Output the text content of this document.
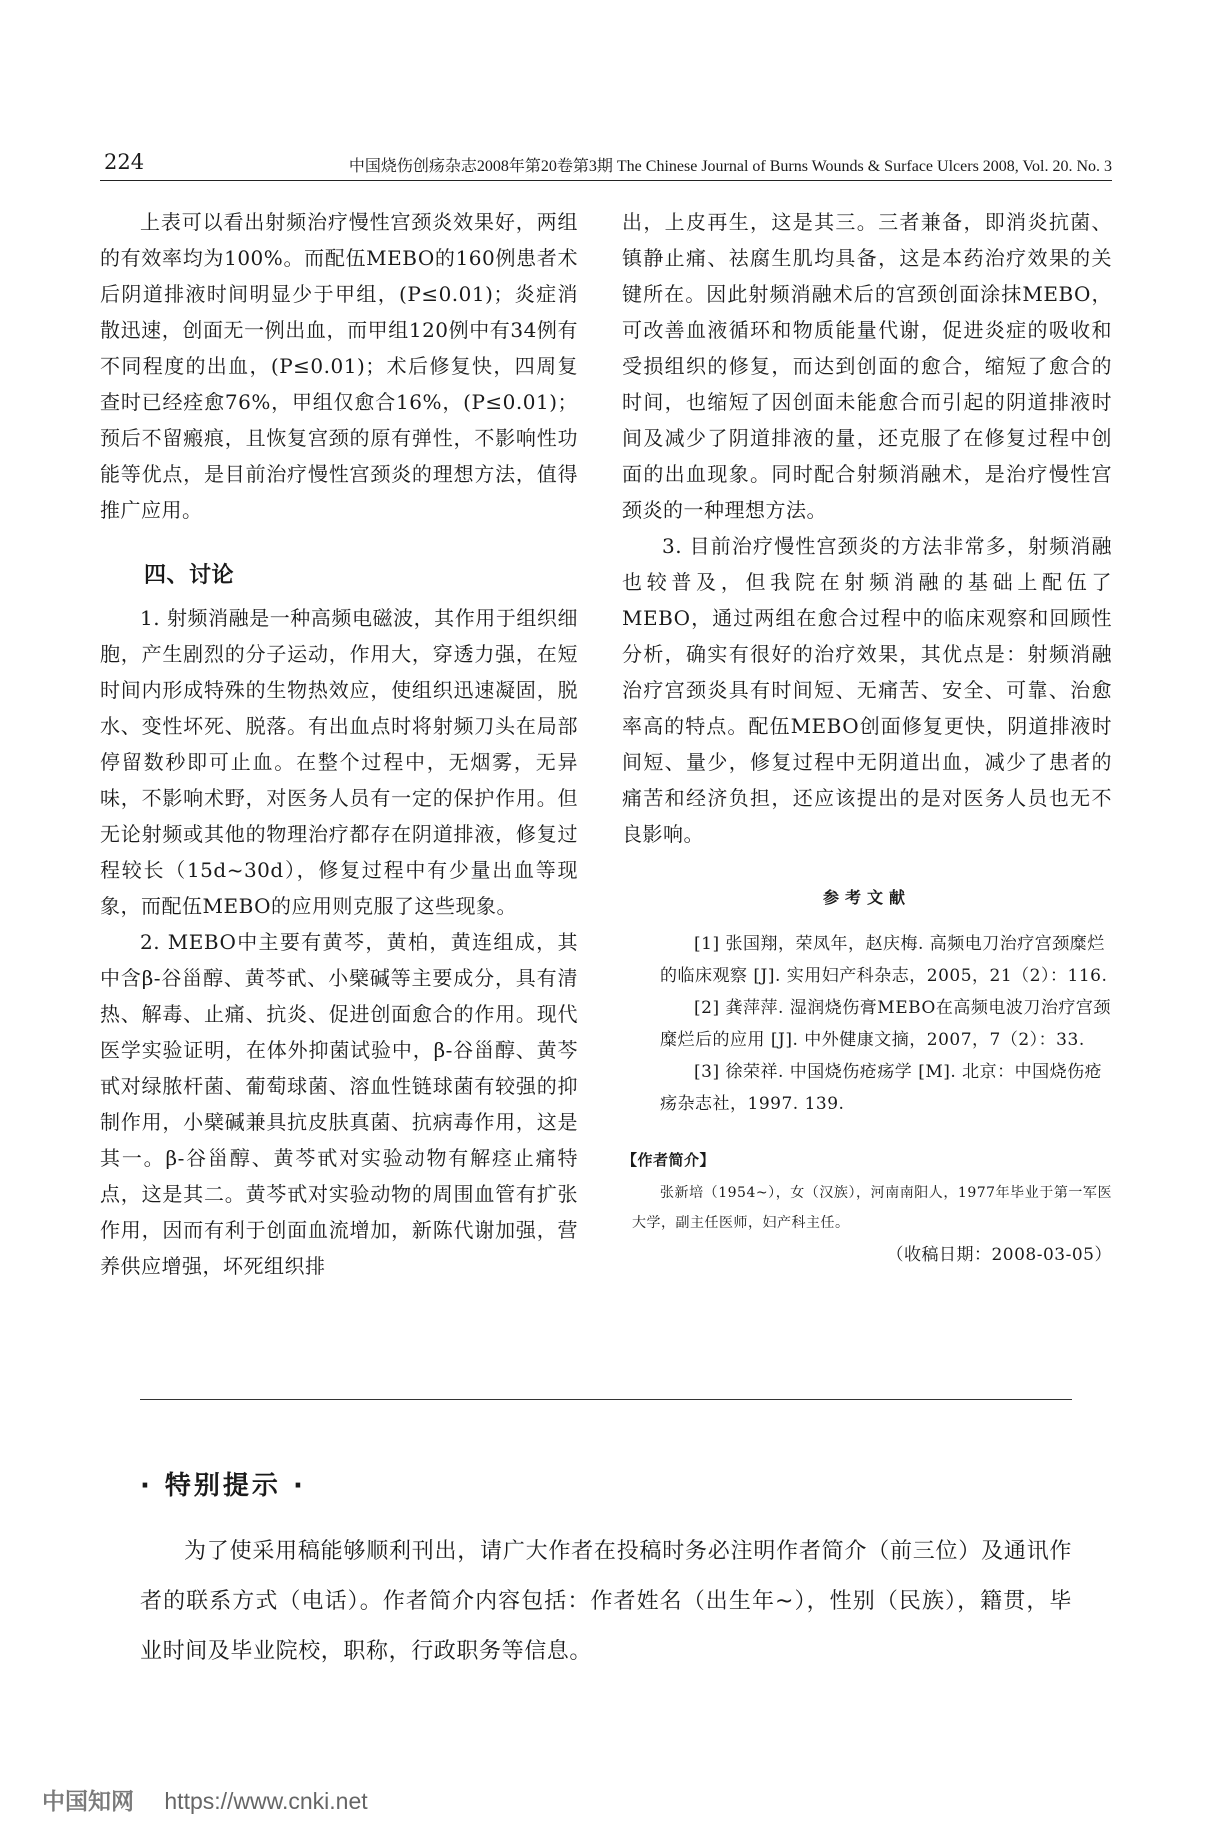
224	中国烧伤创疡杂志2008年第20卷第3期 The Chinese Journal of Burns Wounds & Surface Ulcers 2008, Vol. 20. No. 3

上表可以看出射频治疗慢性宫颈炎效果好，两组的有效率均为100%。而配伍MEBO的160例患者术后阴道排液时间明显少于甲组，(P≤0.01)；炎症消散迅速，创面无一例出血，而甲组120例中有34例有不同程度的出血，(P≤0.01)；术后修复快，四周复查时已经痊愈76%，甲组仅愈合16%，(P≤0.01)；预后不留瘢痕，且恢复宫颈的原有弹性，不影响性功能等优点，是目前治疗慢性宫颈炎的理想方法，值得推广应用。

四、讨论

1. 射频消融是一种高频电磁波，其作用于组织细胞，产生剧烈的分子运动，作用大，穿透力强，在短时间内形成特殊的生物热效应，使组织迅速凝固，脱水、变性坏死、脱落。有出血点时将射频刀头在局部停留数秒即可止血。在整个过程中，无烟雾，无异味，不影响术野，对医务人员有一定的保护作用。但无论射频或其他的物理治疗都存在阴道排液，修复过程较长（15d~30d），修复过程中有少量出血等现象，而配伍MEBO的应用则克服了这些现象。

2. MEBO中主要有黄芩，黄柏，黄连组成，其中含β-谷甾醇、黄芩甙、小檗碱等主要成分，具有清热、解毒、止痛、抗炎、促进创面愈合的作用。现代医学实验证明，在体外抑菌试验中，β-谷甾醇、黄芩甙对绿脓杆菌、葡萄球菌、溶血性链球菌有较强的抑制作用，小檗碱兼具抗皮肤真菌、抗病毒作用，这是其一。β-谷甾醇、黄芩甙对实验动物有解痉止痛特点，这是其二。黄芩甙对实验动物的周围血管有扩张作用，因而有利于创面血流增加，新陈代谢加强，营养供应增强，坏死组织排

出，上皮再生，这是其三。三者兼备，即消炎抗菌、镇静止痛、祛腐生肌均具备，这是本药治疗效果的关键所在。因此射频消融术后的宫颈创面涂抹MEBO，可改善血液循环和物质能量代谢，促进炎症的吸收和受损组织的修复，而达到创面的愈合，缩短了愈合的时间，也缩短了因创面未能愈合而引起的阴道排液时间及减少了阴道排液的量，还克服了在修复过程中创面的出血现象。同时配合射频消融术，是治疗慢性宫颈炎的一种理想方法。

3. 目前治疗慢性宫颈炎的方法非常多，射频消融也较普及，但我院在射频消融的基础上配伍了MEBO，通过两组在愈合过程中的临床观察和回顾性分析，确实有很好的治疗效果，其优点是：射频消融治疗宫颈炎具有时间短、无痛苦、安全、可靠、治愈率高的特点。配伍MEBO创面修复更快，阴道排液时间短、量少，修复过程中无阴道出血，减少了患者的痛苦和经济负担，还应该提出的是对医务人员也无不良影响。

参考文献

[1] 张国翔，荣凤年，赵庆梅. 高频电刀治疗宫颈糜烂的临床观察 [J]. 实用妇产科杂志，2005，21（2）：116.

[2] 龚萍萍. 湿润烧伤膏MEBO在高频电波刀治疗宫颈糜烂后的应用 [J]. 中外健康文摘，2007，7（2）：33.

[3] 徐荣祥. 中国烧伤疮疡学 [M]. 北京：中国烧伤疮疡杂志社，1997. 139.

【作者简介】

张新培（1954~），女（汉族），河南南阳人，1977年毕业于第一军医大学，副主任医师，妇产科主任。

（收稿日期：2008-03-05）
· 特别提示 ·

为了使采用稿能够顺利刊出，请广大作者在投稿时务必注明作者简介（前三位）及通讯作者的联系方式（电话）。作者简介内容包括：作者姓名（出生年~），性别（民族），籍贯，毕业时间及毕业院校，职称，行政职务等信息。

中国知网 https://www.cnki.net
